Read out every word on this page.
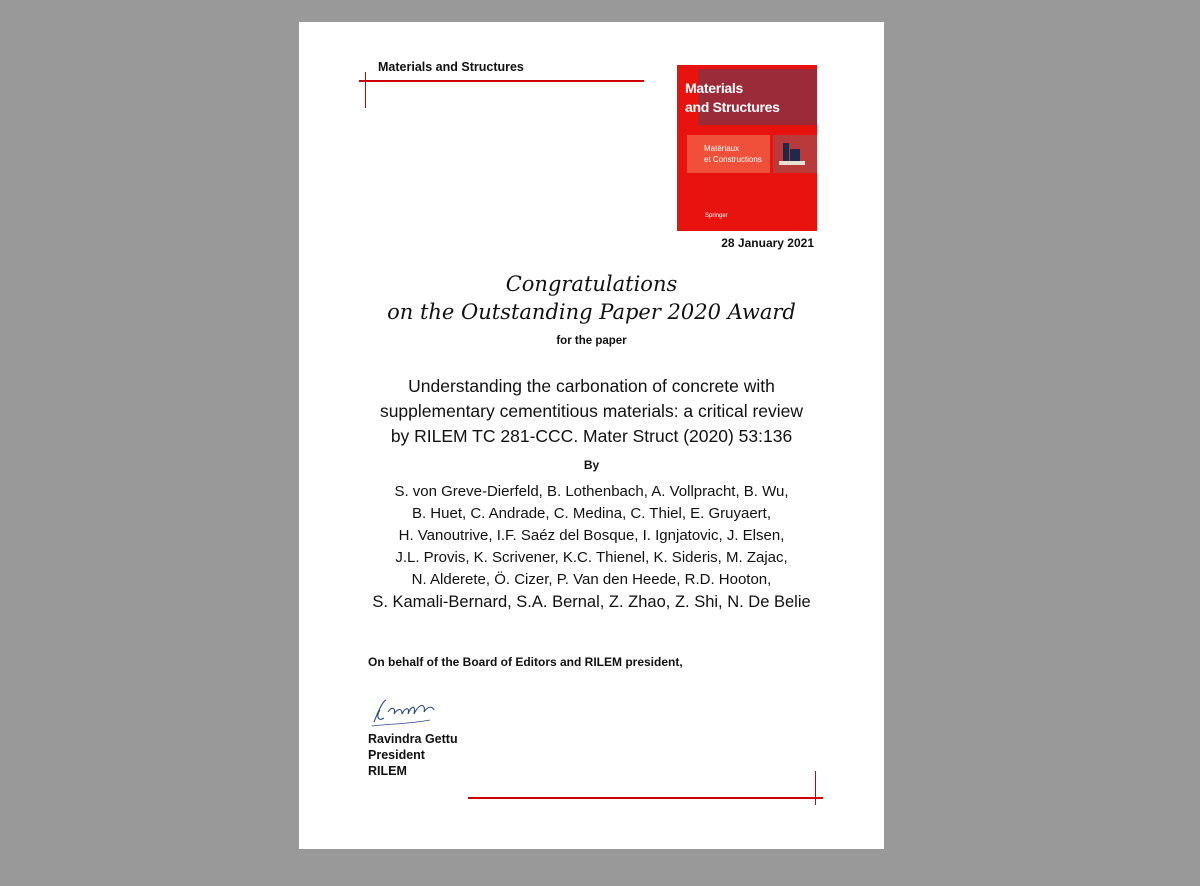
Materials and Structures
Materials
and Structures
Matériaux
et Constructions
Springer
28 January 2021
Congratulations
on the Outstanding Paper 2020 Award
for the paper
Understanding the carbonation of concrete with
supplementary cementitious materials: a critical review
by RILEM TC 281-CCC. Mater Struct (2020) 53:136
By
S. von Greve-Dierfeld, B. Lothenbach, A. Vollpracht, B. Wu,
B. Huet, C. Andrade, C. Medina, C. Thiel, E. Gruyaert,
H. Vanoutrive, I.F. Saéz del Bosque, I. Ignjatovic, J. Elsen,
J.L. Provis, K. Scrivener, K.C. Thienel, K. Sideris, M. Zajac,
N. Alderete, Ö. Cizer, P. Van den Heede, R.D. Hooton,
S. Kamali-Bernard, S.A. Bernal, Z. Zhao, Z. Shi, N. De Belie
On behalf of the Board of Editors and RILEM president,
Ravindra Gettu
President
RILEM
